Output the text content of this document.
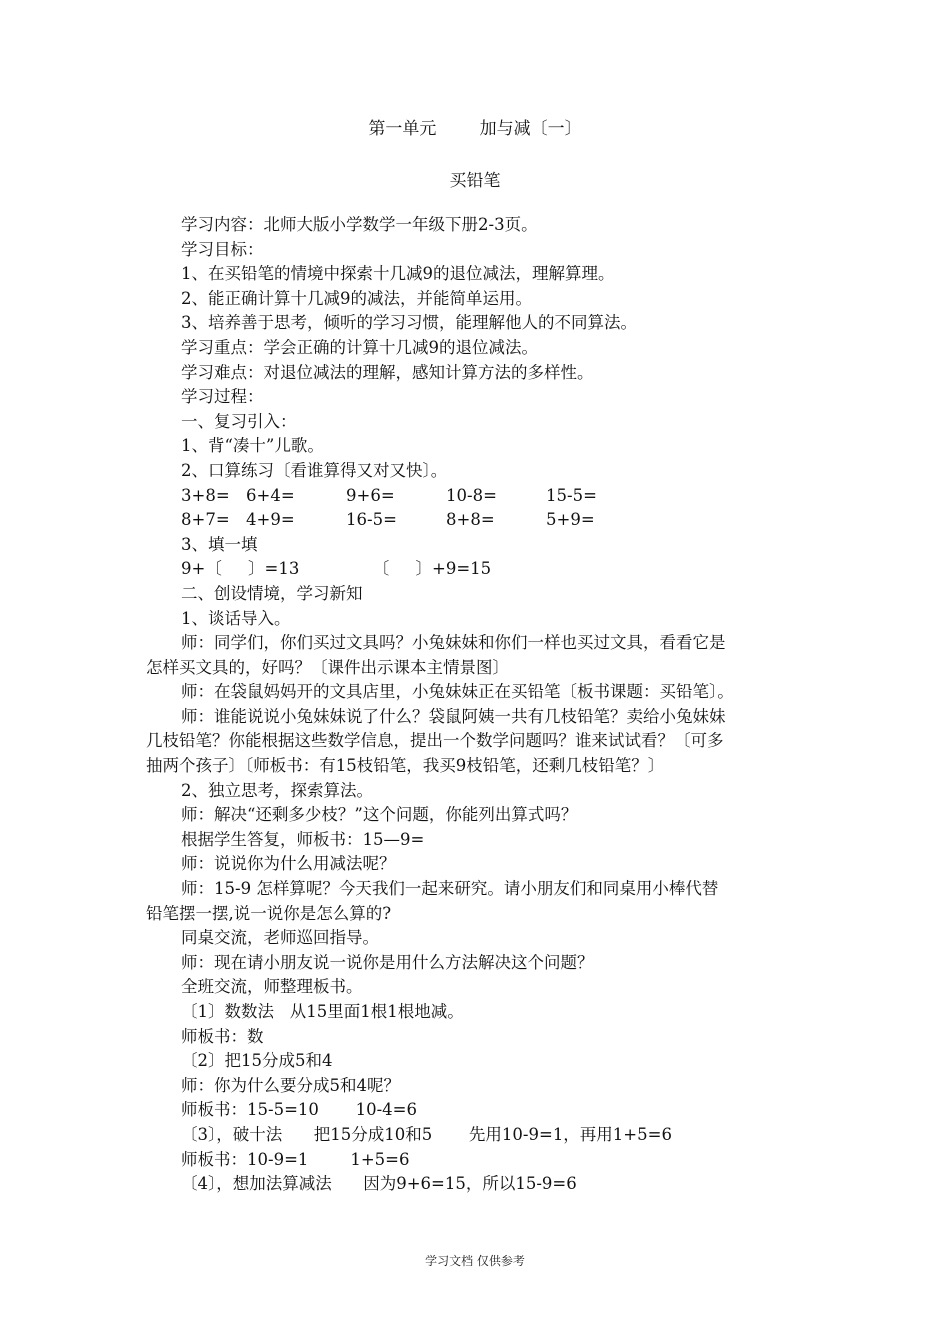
第一单元        加与减〔一〕
买铅笔
学习内容：北师大版小学数学一年级下册2-3页。
学习目标：
1、在买铅笔的情境中探索十几减9的退位减法，理解算理。
2、能正确计算十几减9的减法，并能简单运用。
3、培养善于思考，倾听的学习习惯，能理解他人的不同算法。
学习重点：学会正确的计算十几减9的退位减法。
学习难点：对退位减法的理解，感知计算方法的多样性。
学习过程：
一、复习引入：
1、背“凑十”儿歌。
2、口算练习〔看谁算得又对又快〕。
3+8= 6+4=	9+6=	10-8=	15-5=
8+7= 4+9=	16-5=	8+8=	5+9=
3、填一填
9+〔     〕=13              〔     〕+9=15
二、创设情境，学习新知
1、谈话导入。
师：同学们，你们买过文具吗？小兔妹妹和你们一样也买过文具，看看它是
怎样买文具的，好吗？〔课件出示课本主情景图〕
师：在袋鼠妈妈开的文具店里，小兔妹妹正在买铅笔〔板书课题：买铅笔〕。
师：谁能说说小兔妹妹说了什么？袋鼠阿姨一共有几枝铅笔？卖给小兔妹妹
几枝铅笔？你能根据这些数学信息，提出一个数学问题吗？谁来试试看？〔可多
抽两个孩子〕〔师板书：有15枝铅笔，我买9枝铅笔，还剩几枝铅笔？〕
2、独立思考，探索算法。
师：解决“还剩多少枝？”这个问题，你能列出算式吗？
根据学生答复，师板书：15—9=
师：说说你为什么用减法呢？
师：15-9 怎样算呢？今天我们一起来研究。请小朋友们和同桌用小棒代替
铅笔摆一摆,说一说你是怎么算的?
同桌交流，老师巡回指导。
师：现在请小朋友说一说你是用什么方法解决这个问题？
全班交流，师整理板书。
〔1〕数数法   从15里面1根1根地减。
师板书：数
〔2〕把15分成5和4
师：你为什么要分成5和4呢？
师板书：15-5=10       10-4=6
〔3〕，破十法      把15分成10和5       先用10-9=1，再用1+5=6
师板书：10-9=1        1+5=6
〔4〕，想加法算减法      因为9+6=15，所以15-9=6
学习文档 仅供参考
